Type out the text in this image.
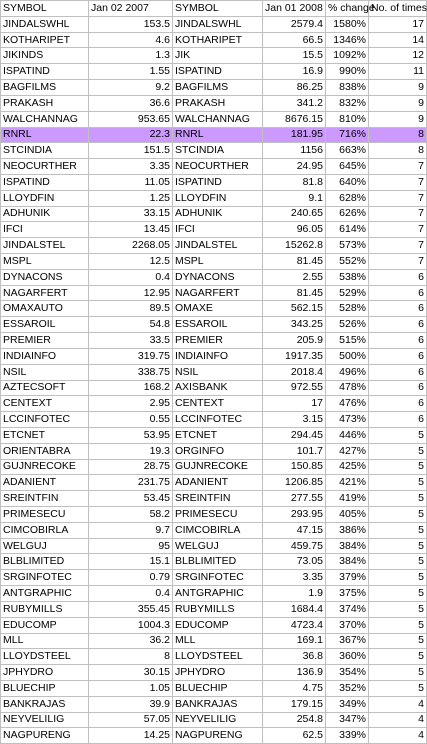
SYMBOL	Jan 02 2007	SYMBOL	Jan 01 2008	% change	No. of times
JINDALSWHL	153.5	JINDALSWHL	2579.4	1580%	17
KOTHARIPET	4.6	KOTHARIPET	66.5	1346%	14
JIKINDS	1.3	JIK	15.5	1092%	12
ISPATIND	1.55	ISPATIND	16.9	990%	11
BAGFILMS	9.2	BAGFILMS	86.25	838%	9
PRAKASH	36.6	PRAKASH	341.2	832%	9
WALCHANNAG	953.65	WALCHANNAG	8676.15	810%	9
RNRL	22.3	RNRL	181.95	716%	8
STCINDIA	151.5	STCINDIA	1156	663%	8
NEOCURTHER	3.35	NEOCURTHER	24.95	645%	7
ISPATIND	11.05	ISPATIND	81.8	640%	7
LLOYDFIN	1.25	LLOYDFIN	9.1	628%	7
ADHUNIK	33.15	ADHUNIK	240.65	626%	7
IFCI	13.45	IFCI	96.05	614%	7
JINDALSTEL	2268.05	JINDALSTEL	15262.8	573%	7
MSPL	12.5	MSPL	81.45	552%	7
DYNACONS	0.4	DYNACONS	2.55	538%	6
NAGARFERT	12.95	NAGARFERT	81.45	529%	6
OMAXAUTO	89.5	OMAXE	562.15	528%	6
ESSAROIL	54.8	ESSAROIL	343.25	526%	6
PREMIER	33.5	PREMIER	205.9	515%	6
INDIAINFO	319.75	INDIAINFO	1917.35	500%	6
NSIL	338.75	NSIL	2018.4	496%	6
AZTECSOFT	168.2	AXISBANK	972.55	478%	6
CENTEXT	2.95	CENTEXT	17	476%	6
LCCINFOTEC	0.55	LCCINFOTEC	3.15	473%	6
ETCNET	53.95	ETCNET	294.45	446%	5
ORIENTABRA	19.3	ORGINFO	101.7	427%	5
GUJNRECOKE	28.75	GUJNRECOKE	150.85	425%	5
ADANIENT	231.75	ADANIENT	1206.85	421%	5
SREINTFIN	53.45	SREINTFIN	277.55	419%	5
PRIMESECU	58.2	PRIMESECU	293.95	405%	5
CIMCOBIRLA	9.7	CIMCOBIRLA	47.15	386%	5
WELGUJ	95	WELGUJ	459.75	384%	5
BLBLIMITED	15.1	BLBLIMITED	73.05	384%	5
SRGINFOTEC	0.79	SRGINFOTEC	3.35	379%	5
ANTGRAPHIC	0.4	ANTGRAPHIC	1.9	375%	5
RUBYMILLS	355.45	RUBYMILLS	1684.4	374%	5
EDUCOMP	1004.3	EDUCOMP	4723.4	370%	5
MLL	36.2	MLL	169.1	367%	5
LLOYDSTEEL	8	LLOYDSTEEL	36.8	360%	5
JPHYDRO	30.15	JPHYDRO	136.9	354%	5
BLUECHIP	1.05	BLUECHIP	4.75	352%	5
BANKRAJAS	39.9	BANKRAJAS	179.15	349%	4
NEYVELILIG	57.05	NEYVELILIG	254.8	347%	4
NAGPURENG	14.25	NAGPURENG	62.5	339%	4
